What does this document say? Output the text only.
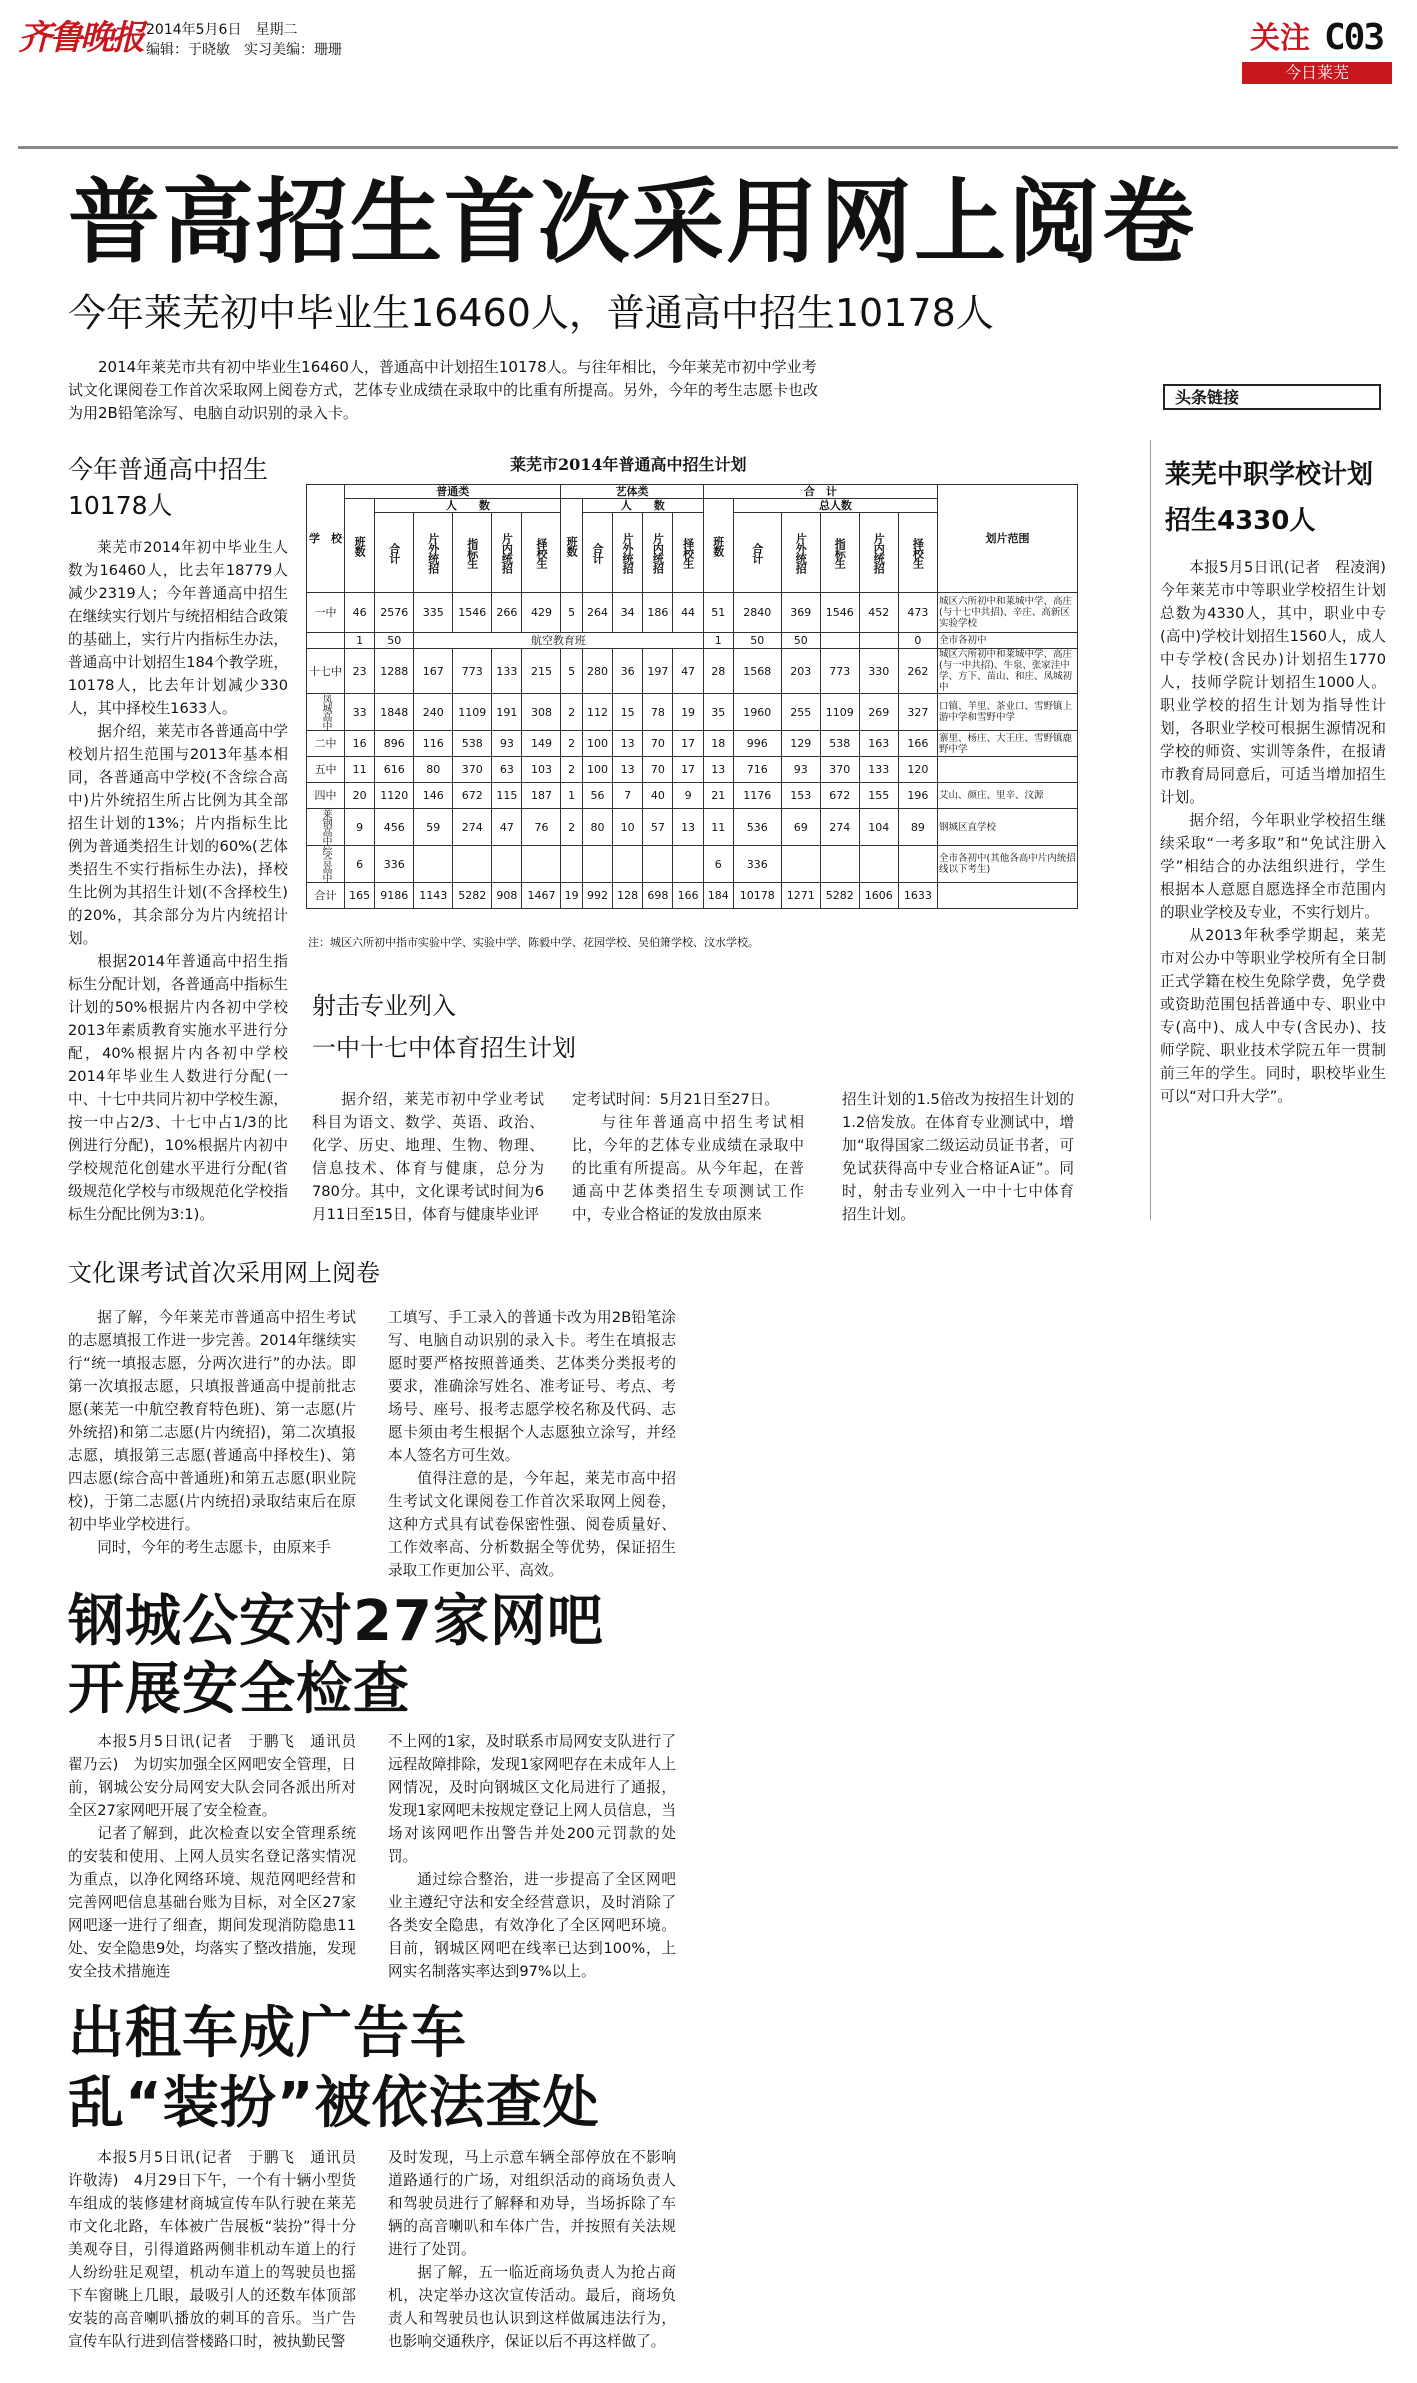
齐鲁晚报 2014年5月6日　星期二
编辑：于晓敏　实习美编：珊珊	关注 C03
今日莱芜
普高招生首次采用网上阅卷
今年莱芜初中毕业生16460人，普通高中招生10178人
2014年莱芜市共有初中毕业生16460人，普通高中计划招生10178人。与往年相比，今年莱芜市初中学业考试文化课阅卷工作首次采取网上阅卷方式，艺体专业成绩在录取中的比重有所提高。另外，今年的考生志愿卡也改为用2B铅笔涂写、电脑自动识别的录入卡。
今年普通高中招生10178人

莱芜市2014年初中毕业生人数为16460人，比去年18779人减少2319人；今年普通高中招生在继续实行划片与统招相结合政策的基础上，实行片内指标生办法，普通高中计划招生184个教学班，10178人，比去年计划减少330人，其中择校生1633人。

据介绍，莱芜市各普通高中学校划片招生范围与2013年基本相同，各普通高中学校(不含综合高中)片外统招生所占比例为其全部招生计划的13%；片内指标生比例为普通类招生计划的60%(艺体类招生不实行指标生办法)，择校生比例为其招生计划(不含择校生)的20%，其余部分为片内统招计划。

根据2014年普通高中招生指标生分配计划，各普通高中指标生计划的50%根据片内各初中学校2013年素质教育实施水平进行分配，40%根据片内各初中学校2014年毕业生人数进行分配(一中、十七中共同片初中学校生源，按一中占2/3、十七中占1/3的比例进行分配)，10%根据片内初中学校规范化创建水平进行分配(省级规范化学校与市级规范化学校指标生分配比例为3:1)。

莱芜市2014年普通高中招生计划
学　校	普通类						艺体类					合　计						划片范围

	班数	人　　数					班数	人　　数				班数	总人数					

		合计	片外统招	指标生	片内统招	择校生		合计	片外统招	片内统招	择校生		合计	片外统招	指标生	片内统招	择校生	

一中	46	2576	335	1546	266	429	5	264	34	186	44	51	2840	369	1546	452	473	城区六所初中和莱城中学、高庄(与十七中共招)、辛庄、高新区实验学校
	1	50	航空教育班									1	50	50			0	全市各初中
十七中	23	1288	167	773	133	215	5	280	36	197	47	28	1568	203	773	330	262	城区六所初中和莱城中学、高庄(与一中共招)、牛泉、张家洼中学、方下、苗山、和庄、凤城初中

凤城高中	33	1848	240	1109	191	308	2	112	15	78	19	35	1960	255	1109	269	327	口镇、羊里、茶业口、雪野镇上游中学和雪野中学
二中	16	896	116	538	93	149	2	100	13	70	17	18	996	129	538	163	166	寨里、杨庄、大王庄、雪野镇鹿野中学
五中	11	616	80	370	63	103	2	100	13	70	17	13	716	93	370	133	120	
四中	20	1120	146	672	115	187	1	56	7	40	9	21	1176	153	672	155	196	艾山、颜庄、里辛、汶源

莱钢高中	9	456	59	274	47	76	2	80	10	57	13	11	536	69	274	104	89	钢城区直学校

综合高中	6	336										6	336					全市各初中(其他各高中片内统招线以下考生)
合计	165	9186	1143	5282	908	1467	19	992	128	698	166	184	10178	1271	5282	1606	1633	
注：城区六所初中指市实验中学、实验中学、陈毅中学、花园学校、吴伯箫学校、汶水学校。
射击专业列入
一中十七中体育招生计划

据介绍，莱芜市初中学业考试科目为语文、数学、英语、政治、化学、历史、地理、生物、物理、信息技术、体育与健康，总分为780分。其中，文化课考试时间为6月11日至15日，体育与健康毕业评

定考试时间：5月21日至27日。

与往年普通高中招生考试相比，今年的艺体专业成绩在录取中的比重有所提高。从今年起，在普通高中艺体类招生专项测试工作中，专业合格证的发放由原来

招生计划的1.5倍改为按招生计划的1.2倍发放。在体育专业测试中，增加“取得国家二级运动员证书者，可免试获得高中专业合格证A证”。同时，射击专业列入一中十七中体育招生计划。

头条链接
莱芜中职学校计划招生4330人

本报5月5日讯(记者　程凌润)　今年莱芜市中等职业学校招生计划总数为4330人，其中，职业中专(高中)学校计划招生1560人，成人中专学校(含民办)计划招生1770人，技师学院计划招生1000人。职业学校的招生计划为指导性计划，各职业学校可根据生源情况和学校的师资、实训等条件，在报请市教育局同意后，可适当增加招生计划。

据介绍，今年职业学校招生继续采取“一考多取”和“免试注册入学”相结合的办法组织进行，学生根据本人意愿自愿选择全市范围内的职业学校及专业，不实行划片。

从2013年秋季学期起，莱芜市对公办中等职业学校所有全日制正式学籍在校生免除学费，免学费或资助范围包括普通中专、职业中专(高中)、成人中专(含民办)、技师学院、职业技术学院五年一贯制前三年的学生。同时，职校毕业生可以“对口升大学”。

文化课考试首次采用网上阅卷

据了解，今年莱芜市普通高中招生考试的志愿填报工作进一步完善。2014年继续实行“统一填报志愿，分两次进行”的办法。即第一次填报志愿，只填报普通高中提前批志愿(莱芜一中航空教育特色班)、第一志愿(片外统招)和第二志愿(片内统招)，第二次填报志愿，填报第三志愿(普通高中择校生)、第四志愿(综合高中普通班)和第五志愿(职业院校)，于第二志愿(片内统招)录取结束后在原初中毕业学校进行。

同时，今年的考生志愿卡，由原来手

工填写、手工录入的普通卡改为用2B铅笔涂写、电脑自动识别的录入卡。考生在填报志愿时要严格按照普通类、艺体类分类报考的要求，准确涂写姓名、准考证号、考点、考场号、座号、报考志愿学校名称及代码、志愿卡须由考生根据个人志愿独立涂写，并经本人签名方可生效。

值得注意的是，今年起，莱芜市高中招生考试文化课阅卷工作首次采取网上阅卷，这种方式具有试卷保密性强、阅卷质量好、工作效率高、分析数据全等优势，保证招生录取工作更加公平、高效。

钢城公安对27家网吧
开展安全检查

本报5月5日讯(记者　于鹏飞　通讯员　翟乃云)　为切实加强全区网吧安全管理，日前，钢城公安分局网安大队会同各派出所对全区27家网吧开展了安全检查。

记者了解到，此次检查以安全管理系统的安装和使用、上网人员实名登记落实情况为重点，以净化网络环境、规范网吧经营和完善网吧信息基础台账为目标，对全区27家网吧逐一进行了细查，期间发现消防隐患11处、安全隐患9处，均落实了整改措施，发现安全技术措施连

不上网的1家，及时联系市局网安支队进行了远程故障排除，发现1家网吧存在未成年人上网情况，及时向钢城区文化局进行了通报，发现1家网吧未按规定登记上网人员信息，当场对该网吧作出警告并处200元罚款的处罚。

通过综合整治，进一步提高了全区网吧业主遵纪守法和安全经营意识，及时消除了各类安全隐患，有效净化了全区网吧环境。目前，钢城区网吧在线率已达到100%，上网实名制落实率达到97%以上。

出租车成广告车
乱“装扮”被依法查处

本报5月5日讯(记者　于鹏飞　通讯员　许敬涛)　4月29日下午，一个有十辆小型货车组成的装修建材商城宣传车队行驶在莱芜市文化北路，车体被广告展板“装扮”得十分美观夺目，引得道路两侧非机动车道上的行人纷纷驻足观望，机动车道上的驾驶员也摇下车窗眺上几眼，最吸引人的还数车体顶部安装的高音喇叭播放的刺耳的音乐。当广告宣传车队行进到信誉楼路口时，被执勤民警

及时发现，马上示意车辆全部停放在不影响道路通行的广场，对组织活动的商场负责人和驾驶员进行了解释和劝导，当场拆除了车辆的高音喇叭和车体广告，并按照有关法规进行了处罚。

据了解，五一临近商场负责人为抢占商机，决定举办这次宣传活动。最后，商场负责人和驾驶员也认识到这样做属违法行为，也影响交通秩序，保证以后不再这样做了。
